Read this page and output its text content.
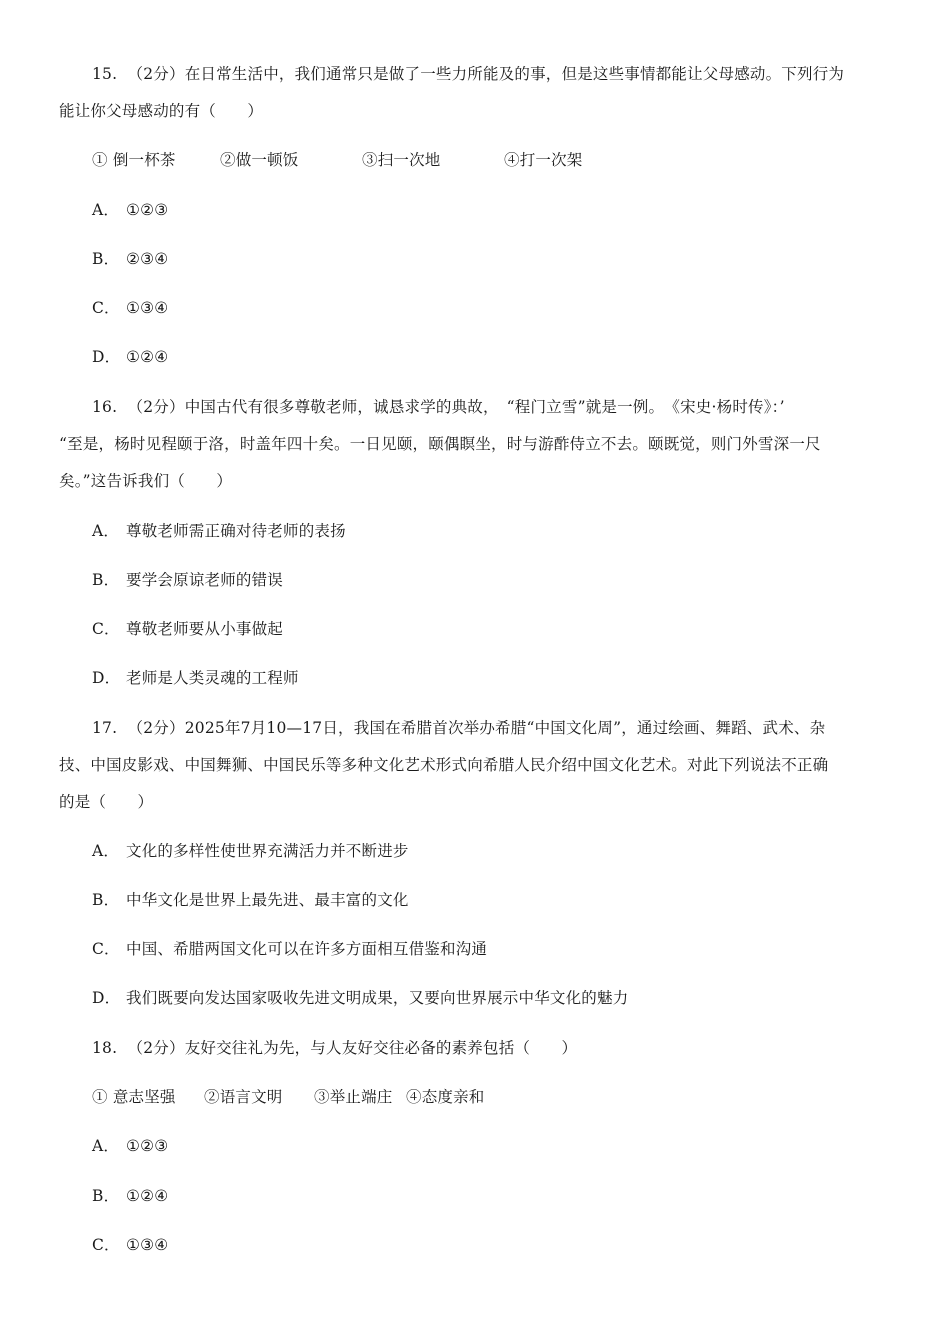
15. （2分）在日常生活中，我们通常只是做了一些力所能及的事，但是这些事情都能让父母感动。下列行为
能让你父母感动的有（　　）
① 倒一杯茶	②做一顿饭	③扫一次地	④打一次架
A． ①②③
B． ②③④
C． ①③④
D． ①②④
16. （2分）中国古代有很多尊敬老师，诚恳求学的典故，　“程门立雪”就是一例。　《宋史·杨时传》：’
“至是，杨时见程颐于洛，时盖年四十矣。一日见颐，颐偶瞑坐，时与游酢侍立不去。颐既觉，则门外雪深一尺
矣。”这告诉我们（　　）
A． 尊敬老师需正确对待老师的表扬
B． 要学会原谅老师的错误
C． 尊敬老师要从小事做起
D． 老师是人类灵魂的工程师
17. （2分）2025年7月10—17日，我国在希腊首次举办希腊“中国文化周”，通过绘画、舞蹈、武术、杂
技、中国皮影戏、中国舞狮、中国民乐等多种文化艺术形式向希腊人民介绍中国文化艺术。对此下列说法不正确
的是（　　）
A． 文化的多样性使世界充满活力并不断进步
B． 中华文化是世界上最先进、最丰富的文化
C． 中国、希腊两国文化可以在许多方面相互借鉴和沟通
D． 我们既要向发达国家吸收先进文明成果，又要向世界展示中华文化的魅力
18. （2分）友好交往礼为先，与人友好交往必备的素养包括（　　）
① 意志坚强 ②语言文明 ③举止端庄 ④态度亲和
A． ①②③
B． ①②④
C． ①③④
